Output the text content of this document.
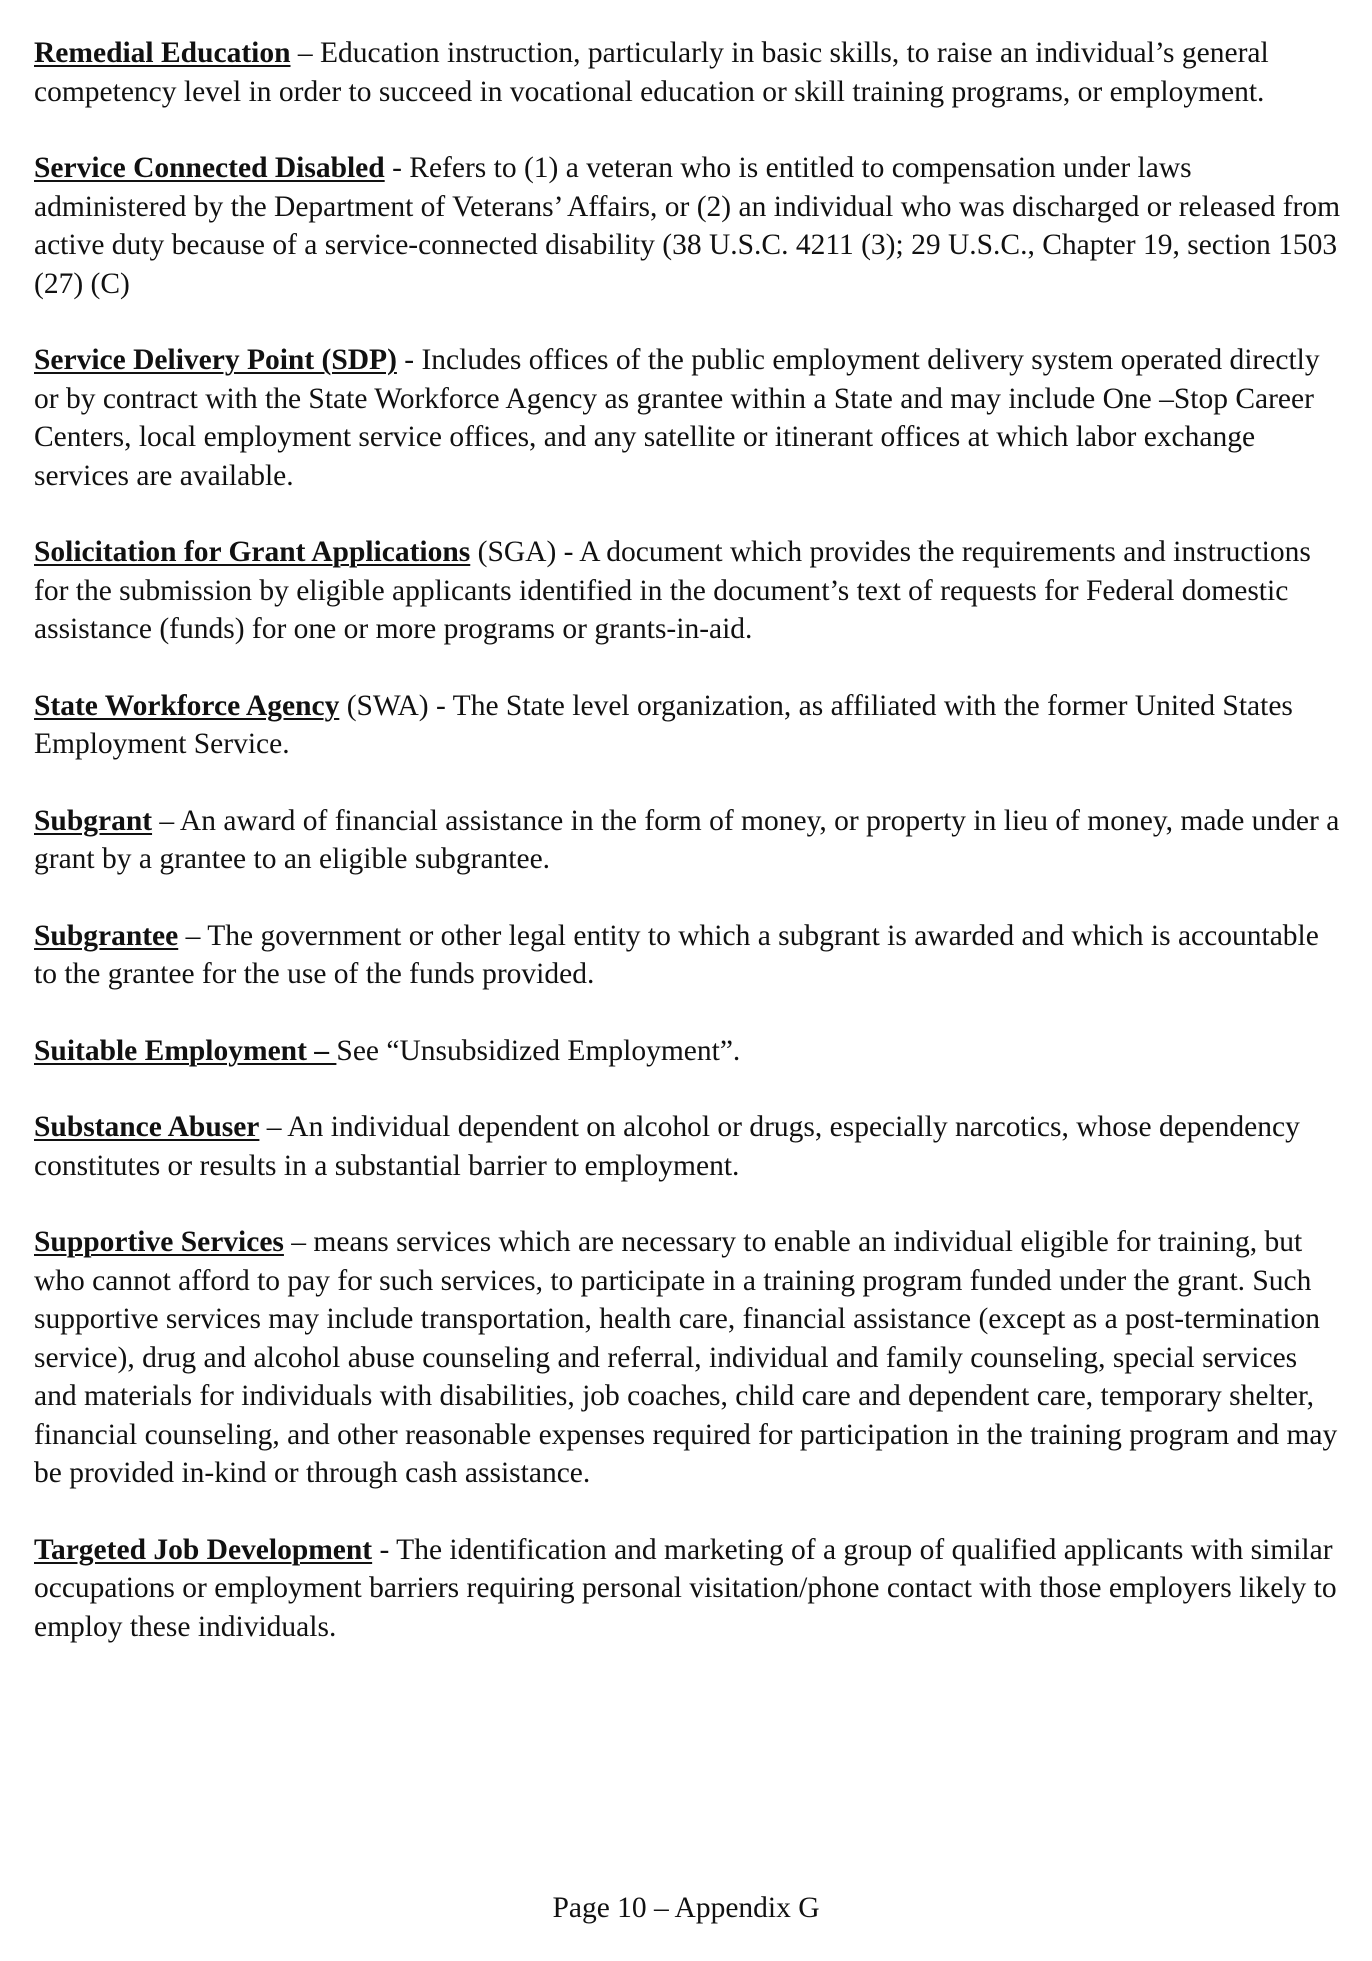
Remedial Education – Education instruction, particularly in basic skills, to raise an individual’s general competency level in order to succeed in vocational education or skill training programs, or employment.

Service Connected Disabled - Refers to (1) a veteran who is entitled to compensation under laws administered by the Department of Veterans’ Affairs, or (2) an individual who was discharged or released from active duty because of a service-connected disability (38 U.S.C. 4211 (3); 29 U.S.C., Chapter 19, section 1503 (27) (C)

Service Delivery Point (SDP) - Includes offices of the public employment delivery system operated directly or by contract with the State Workforce Agency as grantee within a State and may include One –Stop Career Centers, local employment service offices, and any satellite or itinerant offices at which labor exchange services are available.

Solicitation for Grant Applications (SGA) - A document which provides the requirements and instructions for the submission by eligible applicants identified in the document’s text of requests for Federal domestic assistance (funds) for one or more programs or grants-in-aid.

State Workforce Agency (SWA) - The State level organization, as affiliated with the former United States Employment Service.

Subgrant – An award of financial assistance in the form of money, or property in lieu of money, made under a grant by a grantee to an eligible subgrantee.

Subgrantee – The government or other legal entity to which a subgrant is awarded and which is accountable to the grantee for the use of the funds provided.

Suitable Employment – See “Unsubsidized Employment”.

Substance Abuser – An individual dependent on alcohol or drugs, especially narcotics, whose dependency constitutes or results in a substantial barrier to employment.

Supportive Services – means services which are necessary to enable an individual eligible for training, but who cannot afford to pay for such services, to participate in a training program funded under the grant. Such supportive services may include transportation, health care, financial assistance (except as a post-termination service), drug and alcohol abuse counseling and referral, individual and family counseling, special services and materials for individuals with disabilities, job coaches, child care and dependent care, temporary shelter, financial counseling, and other reasonable expenses required for participation in the training program and may be provided in-kind or through cash assistance.

Targeted Job Development - The identification and marketing of a group of qualified applicants with similar occupations or employment barriers requiring personal visitation/phone contact with those employers likely to employ these individuals.

Page 10 – Appendix G
